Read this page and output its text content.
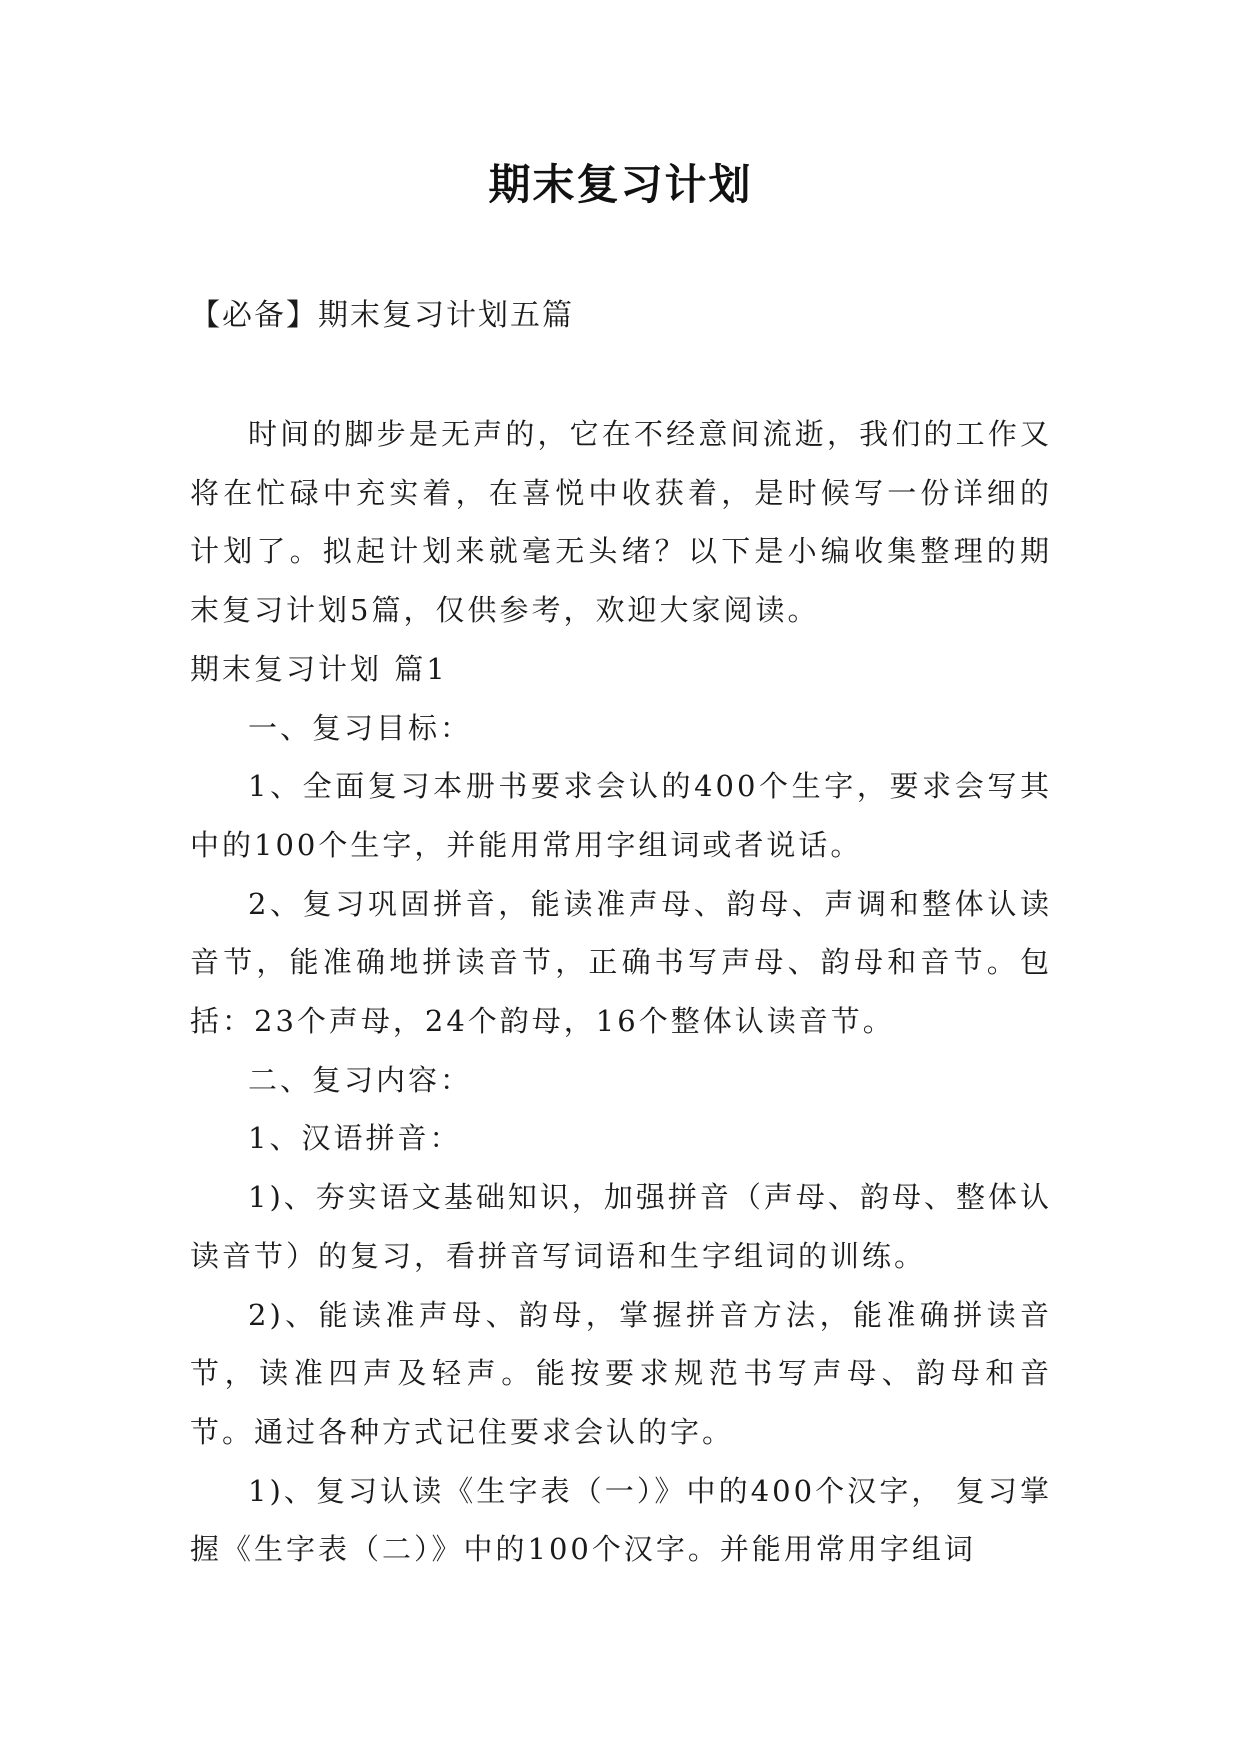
期末复习计划
【必备】期末复习计划五篇

时间的脚步是无声的，它在不经意间流逝，我们的工作又将在忙碌中充实着，在喜悦中收获着，是时候写一份详细的计划了。拟起计划来就毫无头绪？以下是小编收集整理的期末复习计划5篇，仅供参考，欢迎大家阅读。

期末复习计划 篇1

一、复习目标：

1、全面复习本册书要求会认的400个生字，要求会写其中的100个生字，并能用常用字组词或者说话。

2、复习巩固拼音，能读准声母、韵母、声调和整体认读音节，能准确地拼读音节，正确书写声母、韵母和音节。包括：23个声母，24个韵母，16个整体认读音节。

二、复习内容：

1、汉语拼音：

1)、夯实语文基础知识，加强拼音（声母、韵母、整体认读音节）的复习，看拼音写词语和生字组词的训练。

2)、能读准声母、韵母，掌握拼音方法，能准确拼读音节，读准四声及轻声。能按要求规范书写声母、韵母和音节。通过各种方式记住要求会认的字。

1)、复习认读《生字表（一）》中的400个汉字， 复习掌握《生字表（二）》中的100个汉字。并能用常用字组词
